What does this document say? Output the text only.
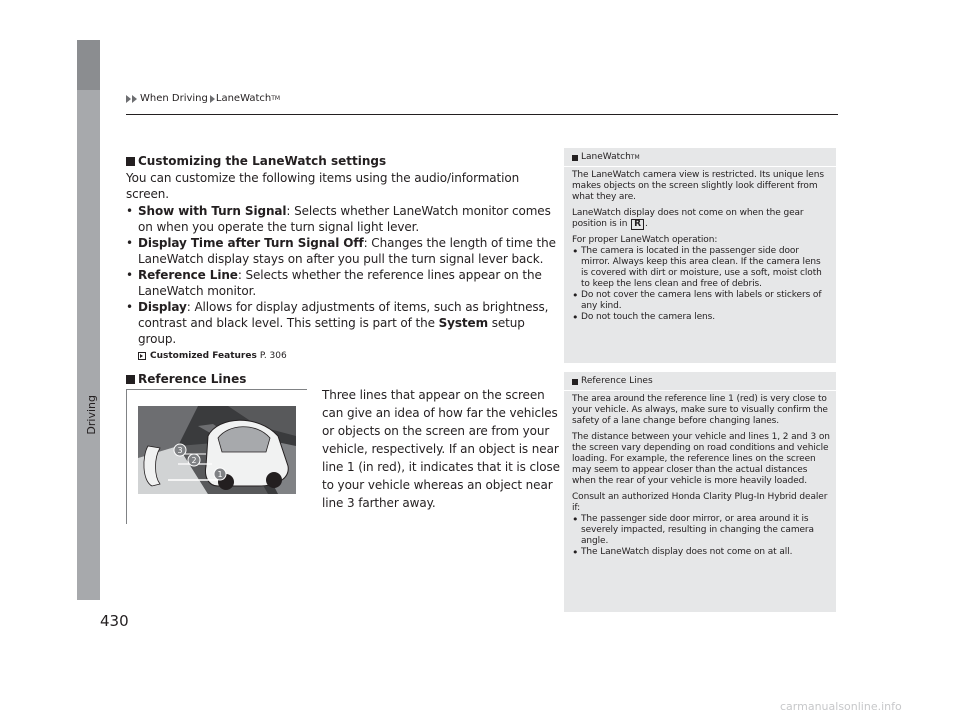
Driving
When Driving LaneWatch TM
Customizing the LaneWatch settings
You can customize the following items using the audio/information screen.
• Show with Turn Signal: Selects whether LaneWatch monitor comes on when you operate the turn signal light lever.
• Display Time after Turn Signal Off: Changes the length of time the LaneWatch display stays on after you pull the turn signal lever back.
• Reference Line: Selects whether the reference lines appear on the LaneWatch monitor.
• Display: Allows for display adjustments of items, such as brightness, contrast and black level. This setting is part of the System setup group.
Customized Features P. 306
Reference Lines
3
2
1
Three lines that appear on the screen can give an idea of how far the vehicles or objects on the screen are from your vehicle, respectively. If an object is near line 1 (in red), it indicates that it is close to your vehicle whereas an object near line 3 farther away.
LaneWatch TM

The LaneWatch camera view is restricted. Its unique lens makes objects on the screen slightly look different from what they are.

LaneWatch display does not come on when the gear position is in R .

For proper LaneWatch operation:

• The camera is located in the passenger side door mirror. Always keep this area clean. If the camera lens is covered with dirt or moisture, use a soft, moist cloth to keep the lens clean and free of debris.
• Do not cover the camera lens with labels or stickers of any kind.
• Do not touch the camera lens.
Reference Lines

The area around the reference line 1 (red) is very close to your vehicle. As always, make sure to visually confirm the safety of a lane change before changing lanes.

The distance between your vehicle and lines 1, 2 and 3 on the screen vary depending on road conditions and vehicle loading. For example, the reference lines on the screen may seem to appear closer than the actual distances when the rear of your vehicle is more heavily loaded.

Consult an authorized Honda Clarity Plug-In Hybrid dealer if:

• The passenger side door mirror, or area around it is severely impacted, resulting in changing the camera angle.
• The LaneWatch display does not come on at all.
430
carmanualsonline.info
